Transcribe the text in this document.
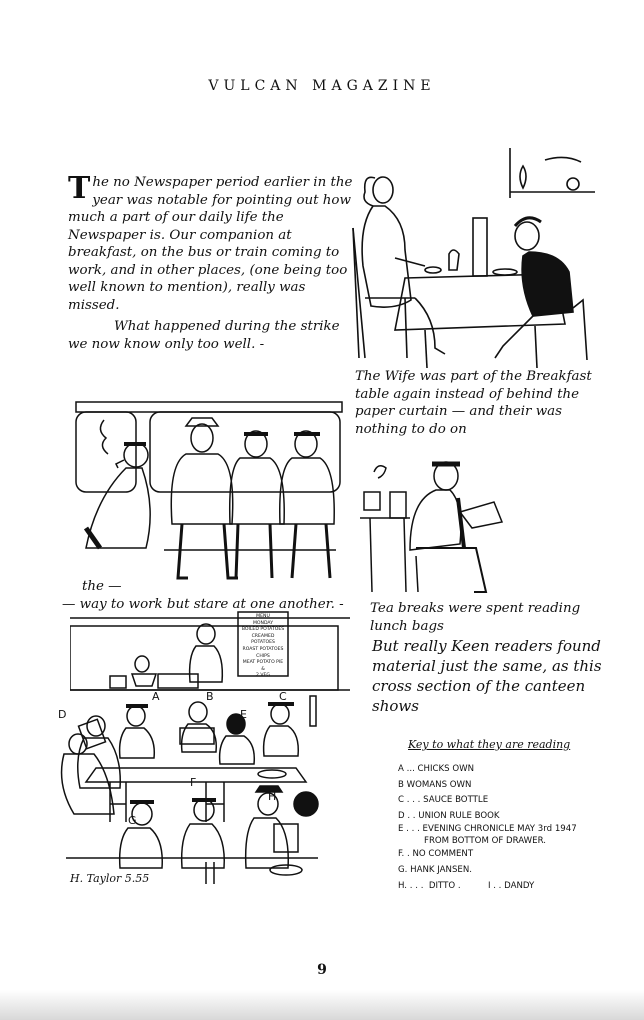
VULCAN MAGAZINE
T he no Newspaper period earlier in the year was notable for pointing out how much a part of our daily life the Newspaper is. Our companion at breakfast, on the bus or train coming to work, and in other places, (one being too well known to mention), really was missed.

What happened during the strike we now know only too well. -

The Wife was part of the Breakfast table again instead of behind the paper curtain — and their was nothing to do on
the —
— way to work but stare at one another. -	Tea breaks were spent reading lunch bags
But really Keen readers found material just the same, as this cross section of the canteen shows
MENU
MONDAY
BOILED POTATOES
CREAMED POTATOES
ROAST POTATOES
CHIPS
MEAT POTATO PIE
&
2 VEG
A	B	C
D	E
F
G
H
H. Taylor 5.55
Key to what they are reading
A ... CHICKS OWN
B WOMANS OWN
C . . . SAUCE BOTTLE
D . . UNION RULE BOOK
E . . . EVENING CHRONICLE MAY 3rd 1947
FROM BOTTOM OF DRAWER.
F. . NO COMMENT
G. HANK JANSEN.
H. . . .  DITTO .          I . . DANDY
9
